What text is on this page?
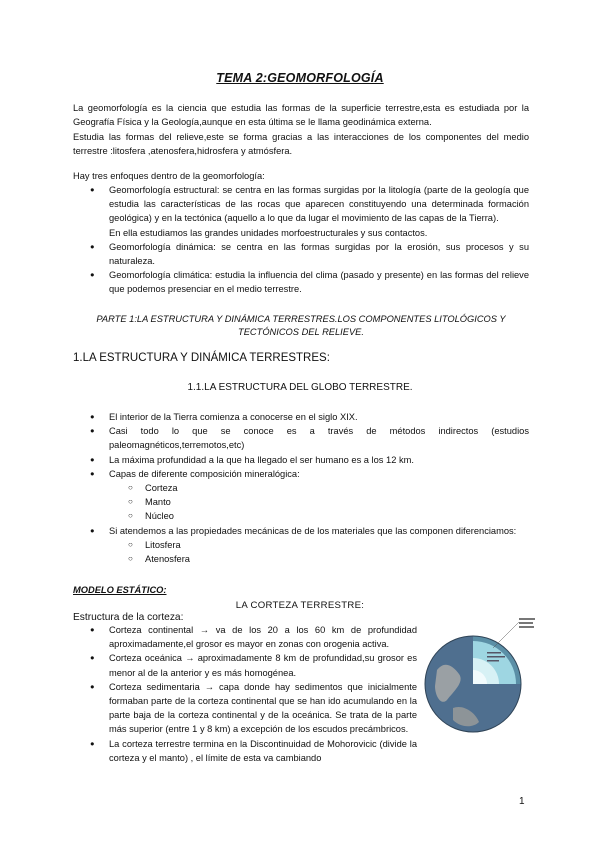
TEMA 2:GEOMORFOLOGÍA
La geomorfología es la ciencia que estudia las formas de la superficie terrestre,esta es estudiada por la Geografía Física y la Geología,aunque en esta última se le llama geodinámica externa.
Estudia las formas del relieve,este se forma gracias a las interacciones de los componentes del medio terrestre :litosfera ,atenosfera,hidrosfera y atmósfera.
Hay tres enfoques dentro de la geomorfología:
● Geomorfología estructural: se centra en las formas surgidas por la litología (parte de la geología que estudia las características de las rocas que aparecen constituyendo una determinada formación geológica) y en la tectónica (aquello a lo que da lugar el movimiento de las capas de la Tierra).
En ella estudiamos las grandes unidades morfoestructurales y sus contactos.
● Geomorfología dinámica: se centra en las formas surgidas por la erosión, sus procesos y su naturaleza.
● Geomorfología climática: estudia la influencia del clima (pasado y presente) en las formas del relieve que podemos presenciar en el medio terrestre.
PARTE 1:LA ESTRUCTURA Y DINÁMICA TERRESTRES.LOS COMPONENTES LITOLÓGICOS Y TECTÓNICOS DEL RELIEVE.
1.LA ESTRUCTURA Y DINÁMICA TERRESTRES:
1.1.LA ESTRUCTURA DEL GLOBO TERRESTRE.
● El interior de la Tierra comienza a conocerse en el siglo XIX.
● Casi todo lo que se conoce es a través de métodos indirectos (estudios paleomagnéticos,terremotos,etc)
● La máxima profundidad a la que ha llegado el ser humano es a los 12 km.
● Capas de diferente composición mineralógica:
○ Corteza
○ Manto
○ Núcleo
● Si atendemos a las propiedades mecánicas de de los materiales que las componen diferenciamos:
○ Litosfera
○ Atenosfera
MODELO ESTÁTICO:
LA CORTEZA TERRESTRE:
Estructura de la corteza:
● Corteza continental → va de los 20 a los 60 km de profundidad aproximadamente,el grosor es mayor en zonas con orogenia activa.
● Corteza oceánica → aproximadamente 8 km de profundidad,su grosor es menor al de la anterior y es más homogénea.
● Corteza sedimentaria → capa donde hay sedimentos que inicialmente formaban parte de la corteza continental que se han ido acumulando en la parte baja de la corteza continental y de la oceánica. Se trata de la parte más superior (entre 1 y 8 km) a excepción de los escudos precámbricos.
● La corteza terrestre termina en la Discontinuidad de Mohorovicic (divide la corteza y el manto) , el límite de esta va cambiando
1
